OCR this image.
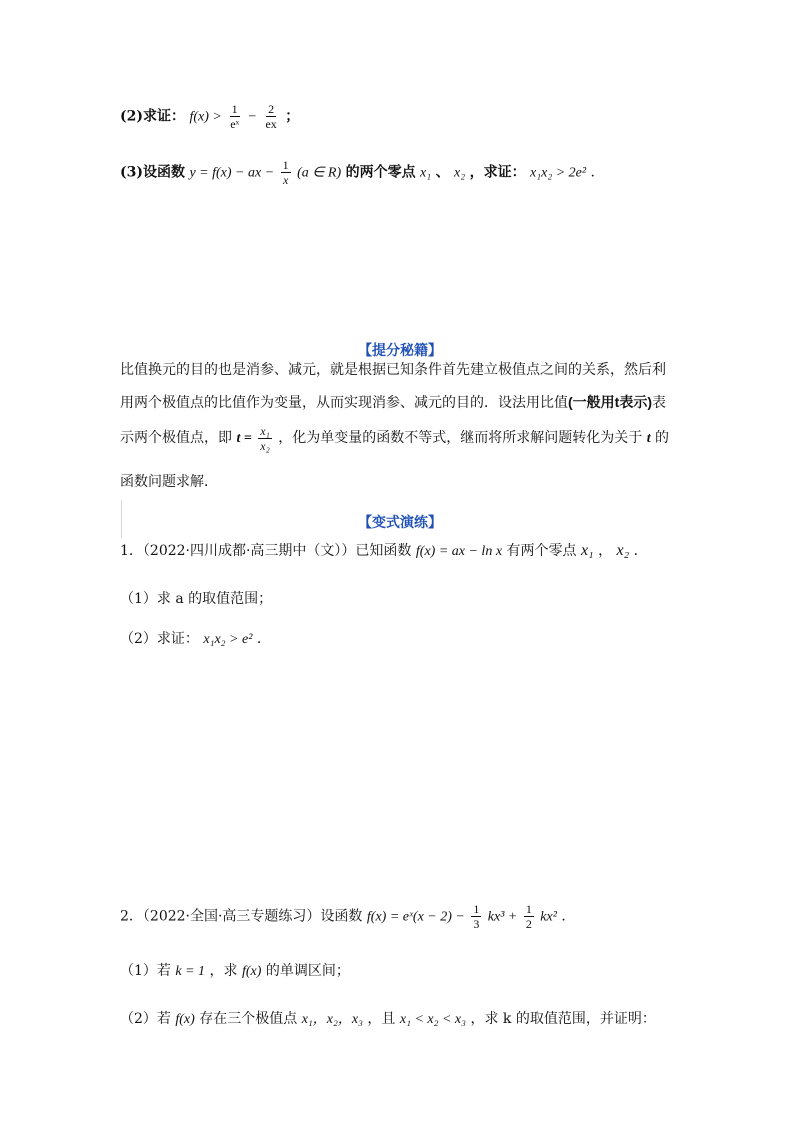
(2)求证： $f(x) > \frac{1}{\text{eˣ}} - \frac{2}{ex}$ ；
(3)设函数 y = f(x) − ax − $\frac{1}{x} (a$ ∈ R) 的两个零点 x₁ 、 x₂ ，求证： x₁x₂ > 2e² .
【提分秘籍】
比值换元的目的也是消参、减元，就是根据已知条件首先建立极值点之间的关系，然后利
用两个极值点的比值作为变量，从而实现消参、减元的目的．设法用比值(一般用t表示)表
示两个极值点，即 $t = \frac{\text{x₁}}{\text{x₂}}$ ，化为单变量的函数不等式，继而将所求解问题转化为关于 t 的
函数问题求解．
【变式演练】
1．（2022·四川成都·高三期中（文））已知函数 f(x) = ax − ln x 有两个零点 x₁ ， x₂ ．
（1）求 a 的取值范围；
（2）求证： x₁x₂ > e² ．
2．（2022·全国·高三专题练习）设函数 f(x) = eˣ(x − $2) - \frac{1}{3} kx^3 + \frac{1}{2} kx^2$ ．
（1）若 k = 1 ，求 f(x) 的单调区间；
（2）若 f(x) 存在三个极值点 x₁，x₂，x₃ ，且 x₁ < x₂ < x₃ ，求 k 的取值范围，并证明：
